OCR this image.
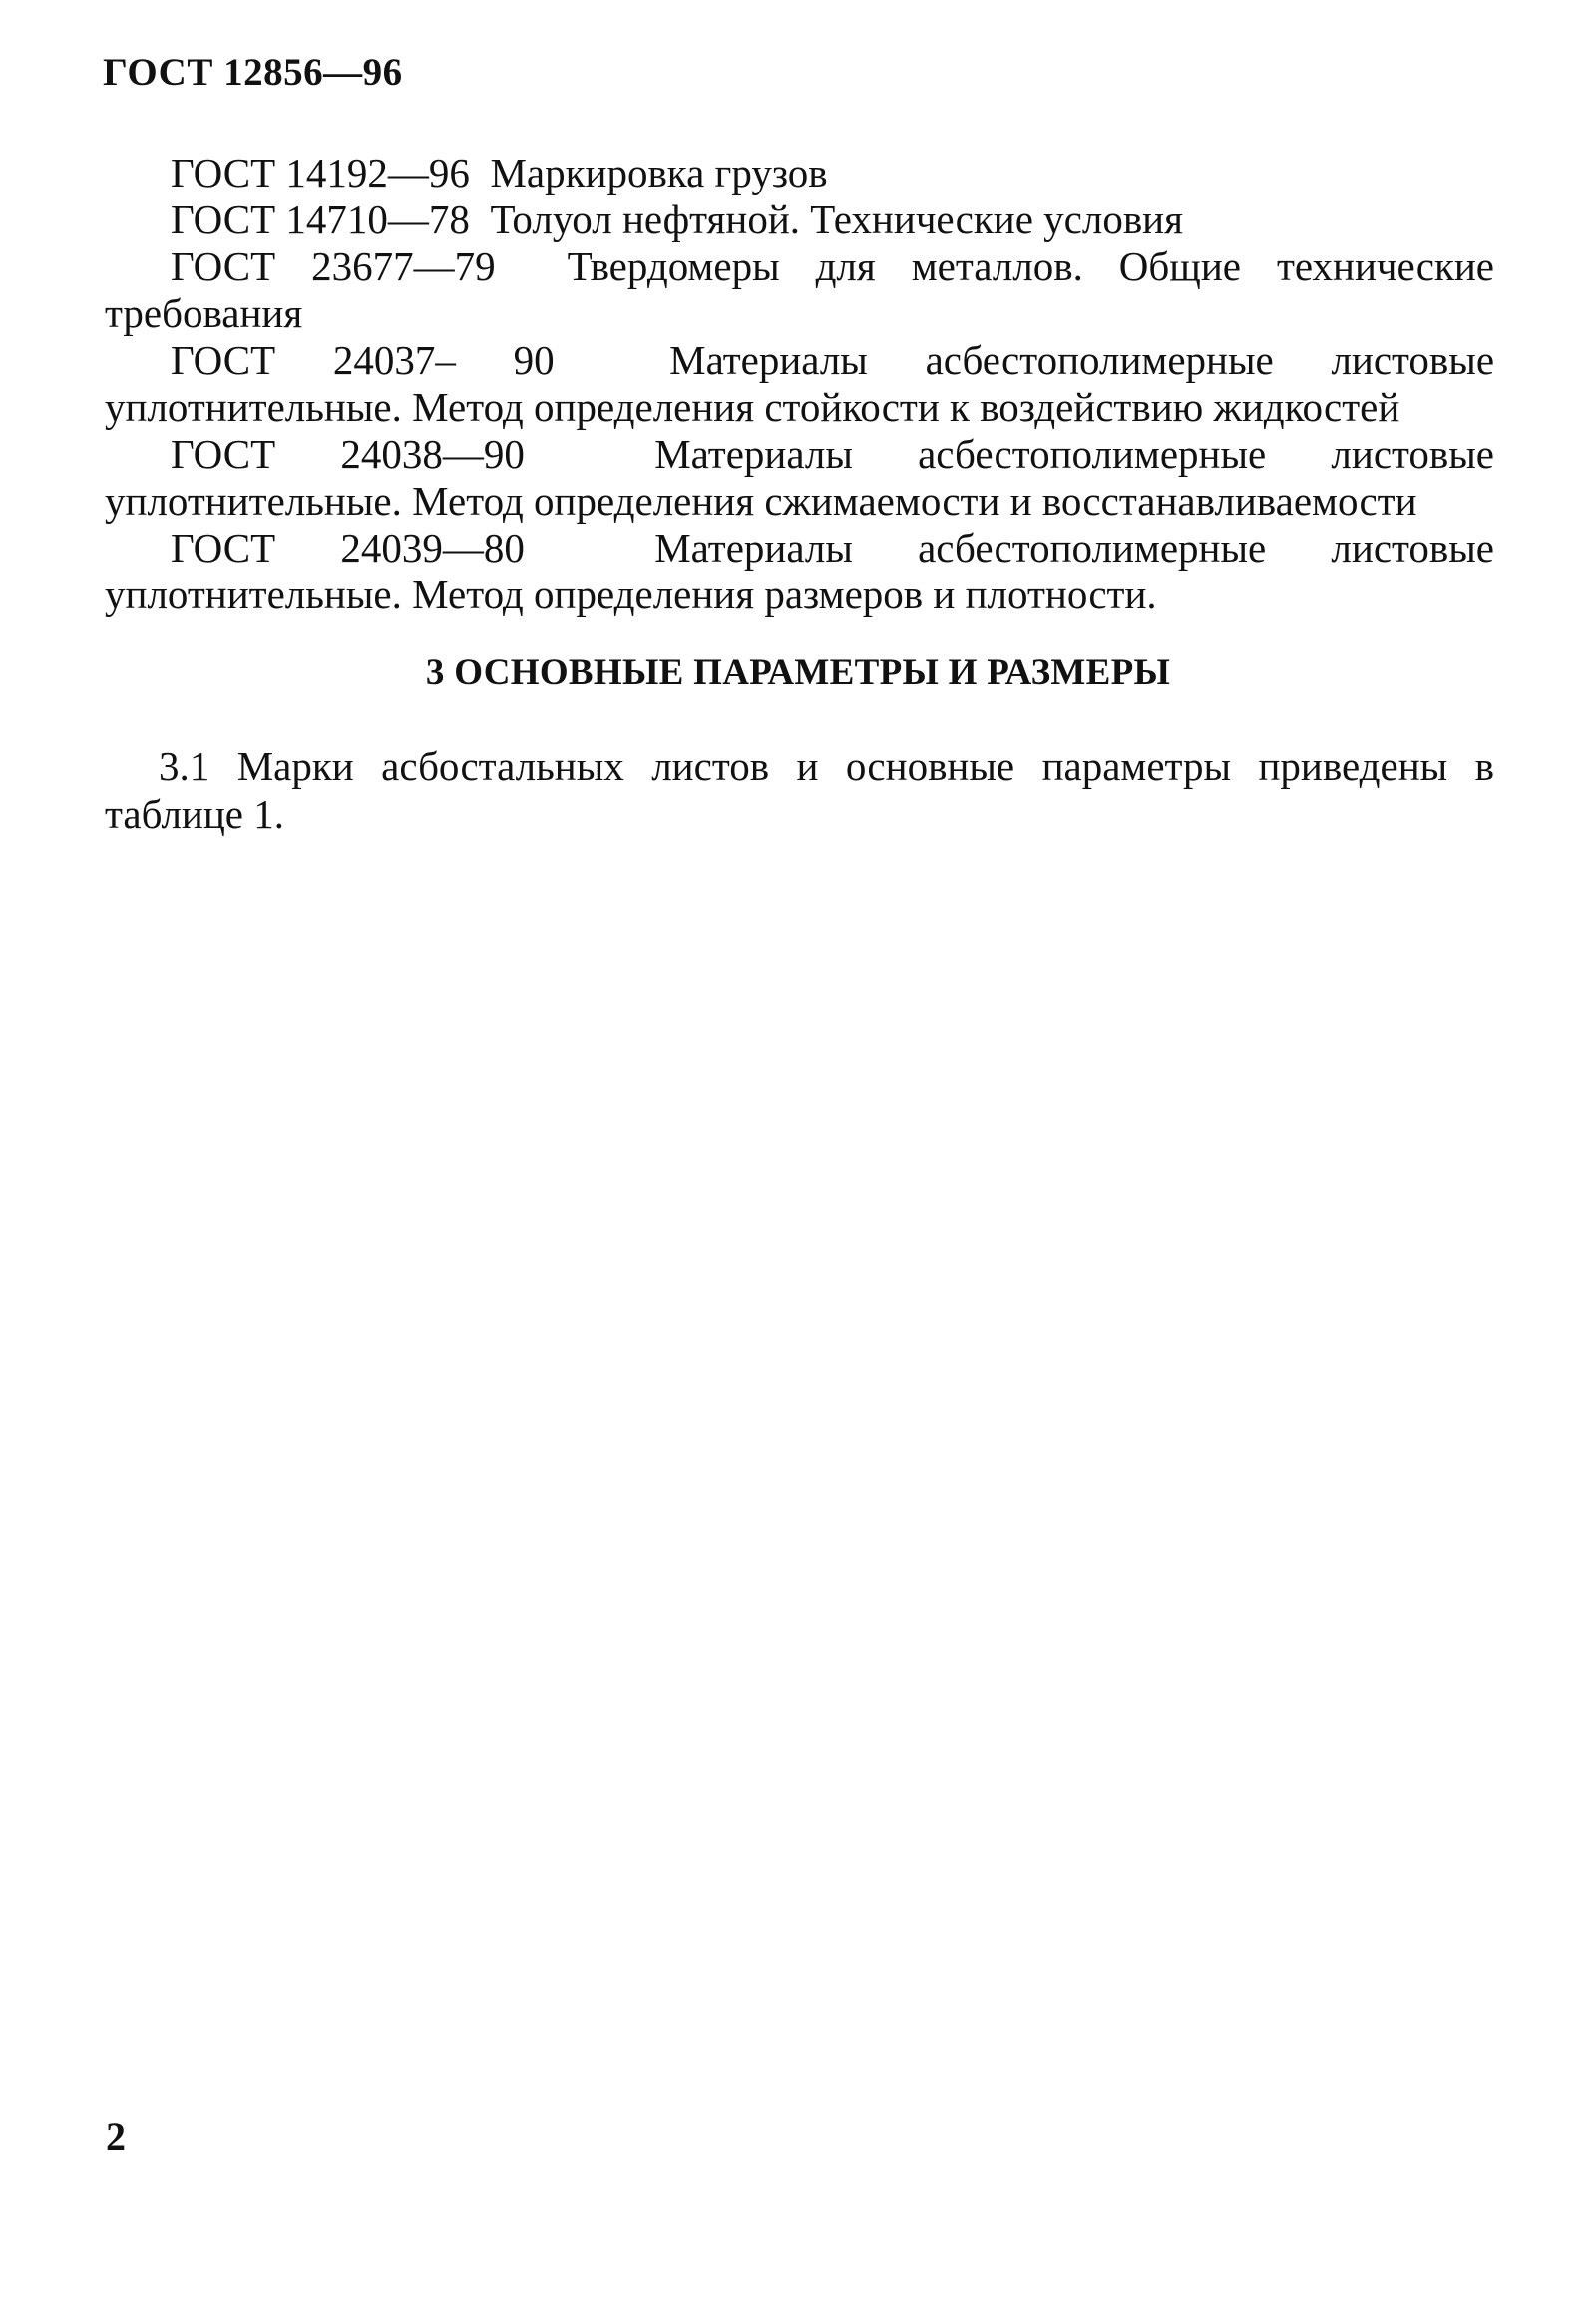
ГОСТ 12856—96

ГОСТ 14192—96 Маркировка грузов

ГОСТ 14710—78 Толуол нефтяной. Технические условия

ГОСТ 23677—79 Твердомеры для металлов. Общие технические требования

ГОСТ 24037– 90	Материалы асбестополимерные листовые уплотнительные. Метод определения стойкости к воздействию жидкостей

ГОСТ 24038—90	Материалы асбестополимерные листовые уплотнительные. Метод определения сжимаемости и восстанавливаемости

ГОСТ 24039—80	Материалы асбестополимерные листовые уплотнительные. Метод определения размеров и плотности.

3 ОСНОВНЫЕ ПАРАМЕТРЫ И РАЗМЕРЫ

3.1 Марки асбостальных листов и основные параметры приведены в таблице 1.

2
